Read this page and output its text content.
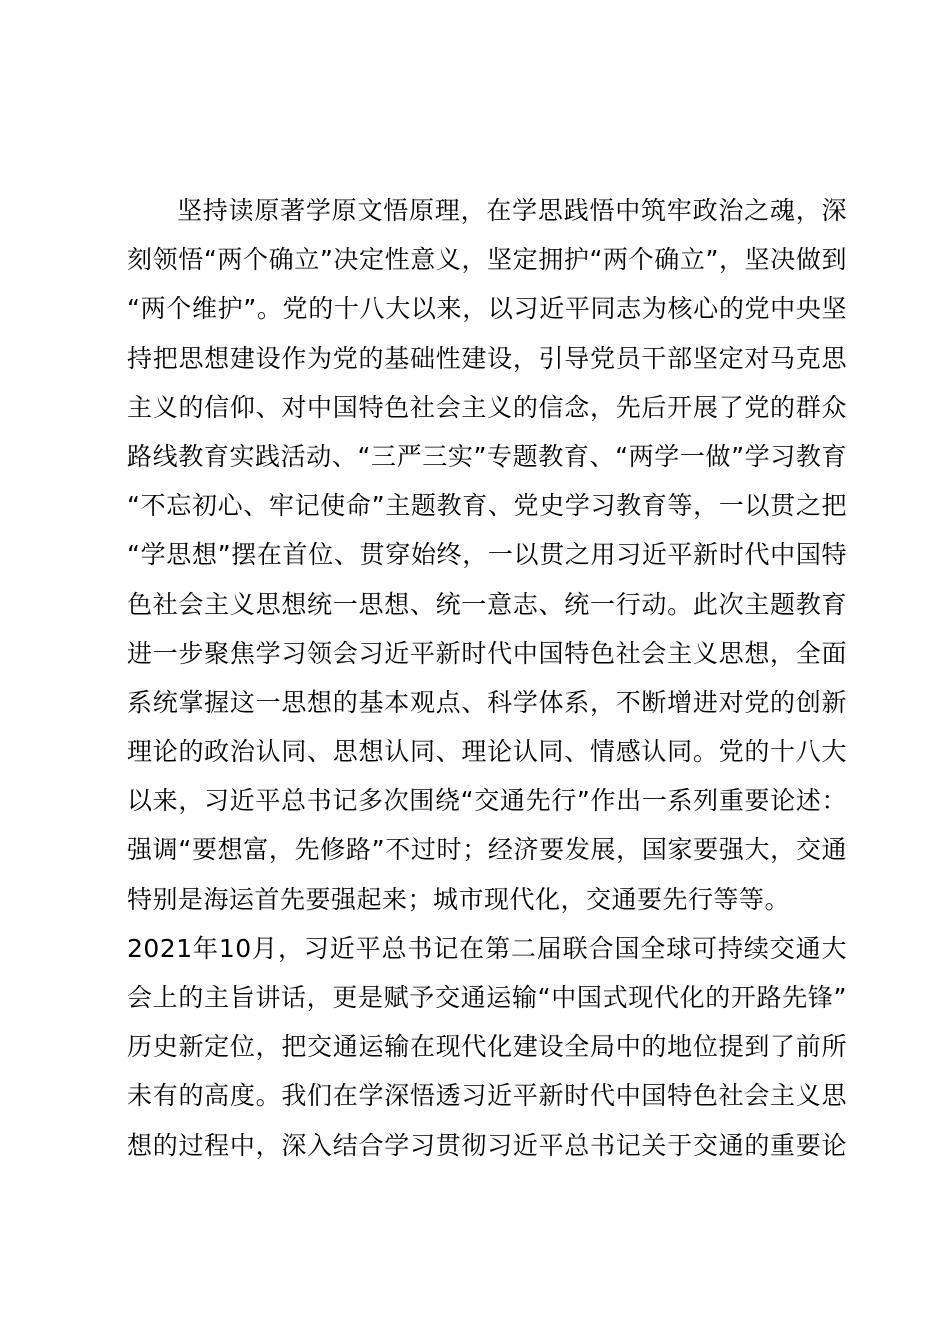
坚持读原著学原文悟原理，在学思践悟中筑牢政治之魂，深
刻领悟“两个确立”决定性意义，坚定拥护“两个确立”，坚决做到
“两个维护”。党的十八大以来，以习近平同志为核心的党中央坚
持把思想建设作为党的基础性建设，引导党员干部坚定对马克思
主义的信仰、对中国特色社会主义的信念，先后开展了党的群众
路线教育实践活动、“三严三实”专题教育、“两学一做”学习教育
“不忘初心、牢记使命”主题教育、党史学习教育等，一以贯之把
“学思想”摆在首位、贯穿始终，一以贯之用习近平新时代中国特
色社会主义思想统一思想、统一意志、统一行动。此次主题教育
进一步聚焦学习领会习近平新时代中国特色社会主义思想，全面
系统掌握这一思想的基本观点、科学体系，不断增进对党的创新
理论的政治认同、思想认同、理论认同、情感认同。党的十八大
以来，习近平总书记多次围绕“交通先行”作出一系列重要论述：
强调“要想富，先修路”不过时；经济要发展，国家要强大，交通
特别是海运首先要强起来；城市现代化，交通要先行等等。
2021年10月，习近平总书记在第二届联合国全球可持续交通大
会上的主旨讲话，更是赋予交通运输“中国式现代化的开路先锋”
历史新定位，把交通运输在现代化建设全局中的地位提到了前所
未有的高度。我们在学深悟透习近平新时代中国特色社会主义思
想的过程中，深入结合学习贯彻习近平总书记关于交通的重要论
